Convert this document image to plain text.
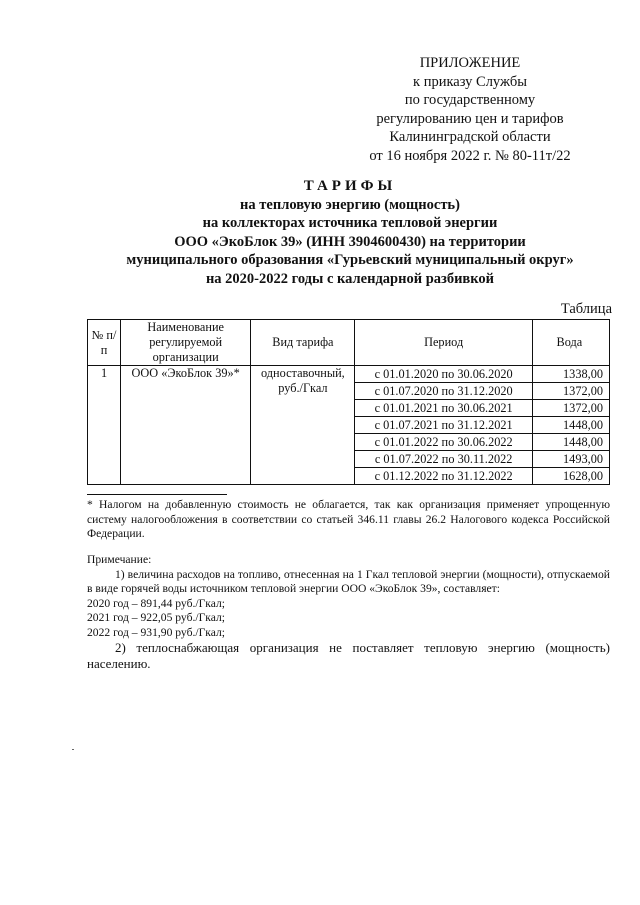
ПРИЛОЖЕНИЕ
к приказу Службы
по государственному
регулированию цен и тарифов
Калининградской области
от 16 ноября 2022 г. № 80-11т/22
ТАРИФЫ
на тепловую энергию (мощность)
на коллекторах источника тепловой энергии
ООО «ЭкоБлок 39» (ИНН 3904600430) на территории
муниципального образования «Гурьевский муниципальный округ»
на 2020-2022 годы с календарной разбивкой
Таблица
№ п/п	Наименование регулируемой организации	Вид тарифа	Период	Вода
1	ООО «ЭкоБлок 39»*	одноставочный, руб./Гкал	с 01.01.2020 по 30.06.2020	1338,00
			с 01.07.2020 по 31.12.2020	1372,00
			с 01.01.2021 по 30.06.2021	1372,00
			с 01.07.2021 по 31.12.2021	1448,00
			с 01.01.2022 по 30.06.2022	1448,00
			с 01.07.2022 по 30.11.2022	1493,00
			с 01.12.2022 по 31.12.2022	1628,00
* Налогом на добавленную стоимость не облагается, так как организация применяет упрощенную систему налогообложения в соответствии со статьей 346.11 главы 26.2 Налогового кодекса Российской Федерации.
Примечание:
1) величина расходов на топливо, отнесенная на 1 Гкал тепловой энергии (мощности), отпускаемой в виде горячей воды источником тепловой энергии ООО «ЭкоБлок 39», составляет:
2020 год – 891,44 руб./Гкал;
2021 год – 922,05 руб./Гкал;
2022 год – 931,90 руб./Гкал;
2) теплоснабжающая организация не поставляет тепловую энергию (мощность) населению.
